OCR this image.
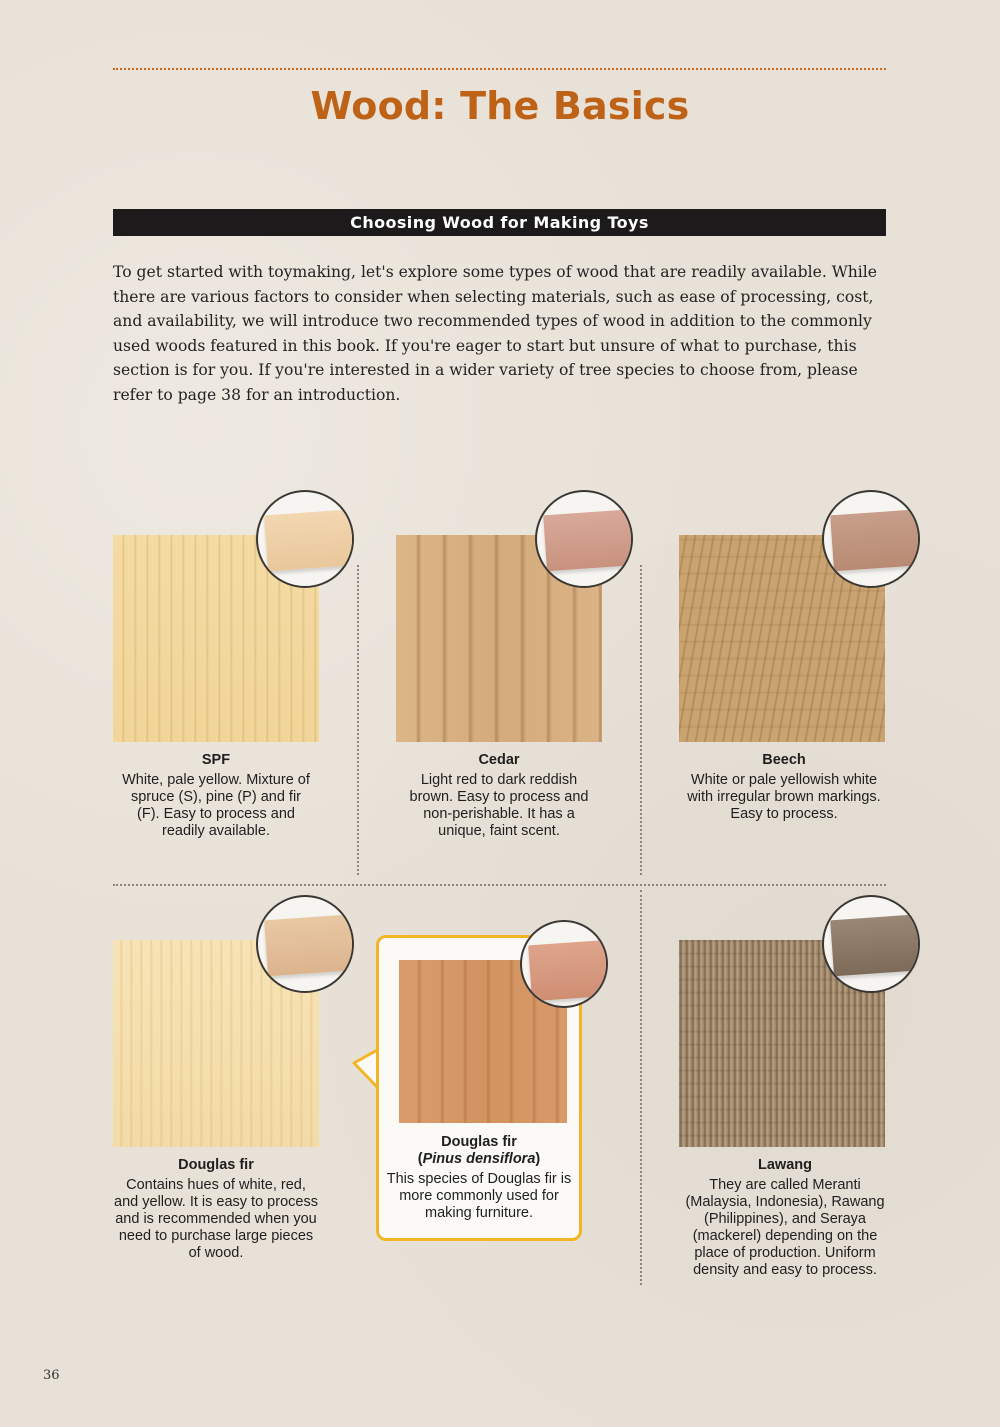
Wood: The Basics
Choosing Wood for Making Toys
To get started with toymaking, let's explore some types of wood that are readily available. While there are various factors to consider when selecting materials, such as ease of processing, cost, and availability, we will introduce two recommended types of wood in addition to the commonly used woods featured in this book. If you're eager to start but unsure of what to purchase, this section is for you. If you're interested in a wider variety of tree species to choose from, please refer to page 38 for an introduction.
SPF
White, pale yellow. Mixture of spruce (S), pine (P) and fir (F). Easy to process and readily available.
Cedar
Light red to dark reddish brown. Easy to process and non-perishable. It has a unique, faint scent.
Beech
White or pale yellowish white with irregular brown markings. Easy to process.
Douglas fir
Contains hues of white, red, and yellow. It is easy to process and is recommended when you need to purchase large pieces of wood.
Douglas fir
(Pinus densiflora)
This species of Douglas fir is more commonly used for making furniture.
Lawang
They are called Meranti (Malaysia, Indonesia), Rawang (Philippines), and Seraya (mackerel) depending on the place of production. Uniform density and easy to process.
36
